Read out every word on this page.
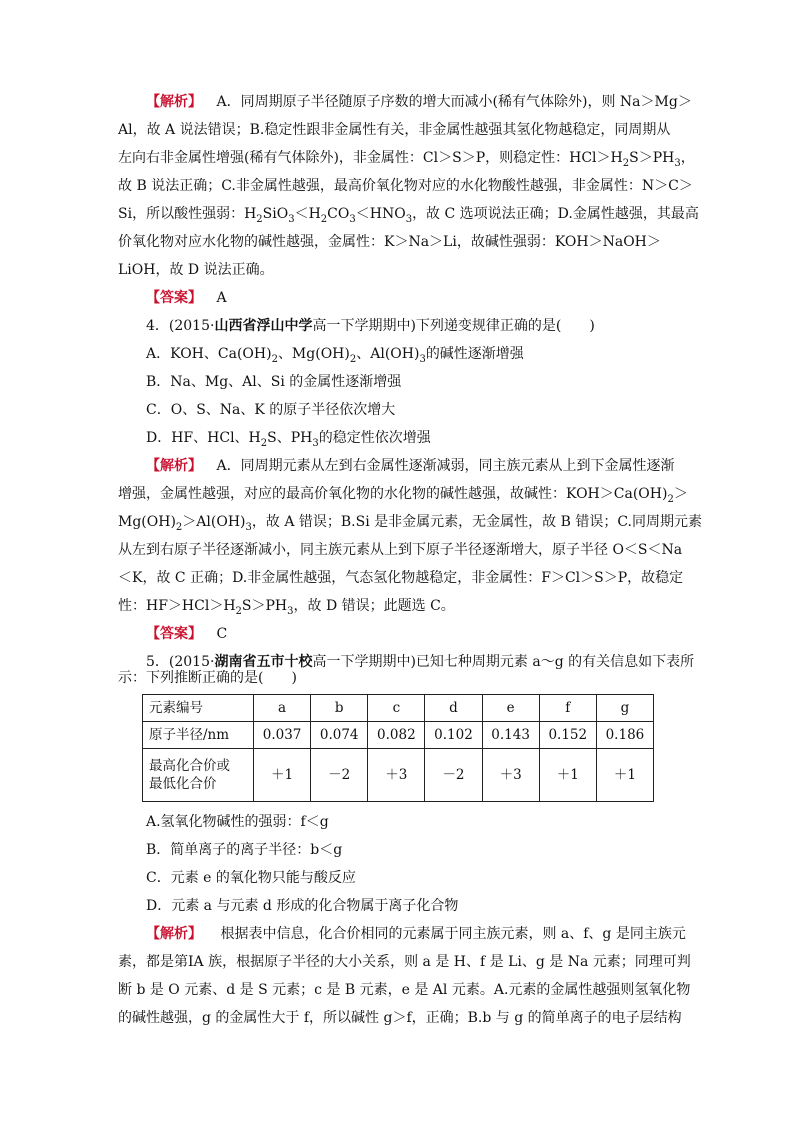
【解析】 A．同周期原子半径随原子序数的增大而减小(稀有气体除外)，则 Na＞Mg＞
Al，故 A 说法错误；B.稳定性跟非金属性有关，非金属性越强其氢化物越稳定，同周期从
左向右非金属性增强(稀有气体除外)，非金属性：Cl＞S＞P，则稳定性：$HCl>H_2S>PH_3$，
故 B 说法正确；C.非金属性越强，最高价氧化物对应的水化物酸性越强，非金属性：N＞C＞
Si，所以酸性强弱：$H_2SiO_3<H_2CO_3<HNO_3$，故 C 选项说法正确；D.金属性越强，其最高
价氧化物对应水化物的碱性越强，金属性：K＞Na＞Li，故碱性强弱：KOH＞NaOH＞
LiOH，故 D 说法正确。
【答案】 A
4．(2015·山西省浮山中学高一下学期期中)下列递变规律正确的是(　　)
A．KOH、$Ca(OH)_2$、$Mg(OH)_2$、$Al(OH)_3$的碱性逐渐增强
B．Na、Mg、Al、Si 的金属性逐渐增强
C．O、S、Na、K 的原子半径依次增大
D．HF、HCl、$H_2S$、$PH_3$的稳定性依次增强
【解析】 A．同周期元素从左到右金属性逐渐减弱，同主族元素从上到下金属性逐渐
增强，金属性越强，对应的最高价氧化物的水化物的碱性越强，故碱性：$KOH>Ca(OH)_2>$
$Mg(OH)_2>Al(OH)_3$，故 A 错误；B.Si 是非金属元素，无金属性，故 B 错误；C.同周期元素
从左到右原子半径逐渐减小，同主族元素从上到下原子半径逐渐增大，原子半径 O＜S＜Na
＜K，故 C 正确；D.非金属性越强，气态氢化物越稳定，非金属性：F＞Cl＞S＞P，故稳定
性：$HF>HCl>H_2S>PH_3$，故 D 错误；此题选 C。
【答案】 C
5．(2015·湖南省五市十校高一下学期期中)已知七种周期元素 a～g 的有关信息如下表所
示：下列推断正确的是(　　)
元素编号	a	b	c	d	e	f	g
原子半径/nm	0.037	0.074	0.082	0.102	0.143	0.152	0.186
最高化合价或
最低化合价	＋1	－2	＋3	－2	＋3	＋1	＋1
A.氢氧化物碱性的强弱：f＜g
B．简单离子的离子半径：b＜g
C．元素 e 的氧化物只能与酸反应
D．元素 a 与元素 d 形成的化合物属于离子化合物
【解析】 根据表中信息，化合价相同的元素属于同主族元素，则 a、f、g 是同主族元
素，都是第ⅠA 族，根据原子半径的大小关系，则 a 是 H、f 是 Li、g 是 Na 元素；同理可判
断 b 是 O 元素、d 是 S 元素；c 是 B 元素，e 是 Al 元素。A.元素的金属性越强则氢氧化物
的碱性越强，g 的金属性大于 f，所以碱性 g＞f，正确；B.b 与 g 的简单离子的电子层结构
